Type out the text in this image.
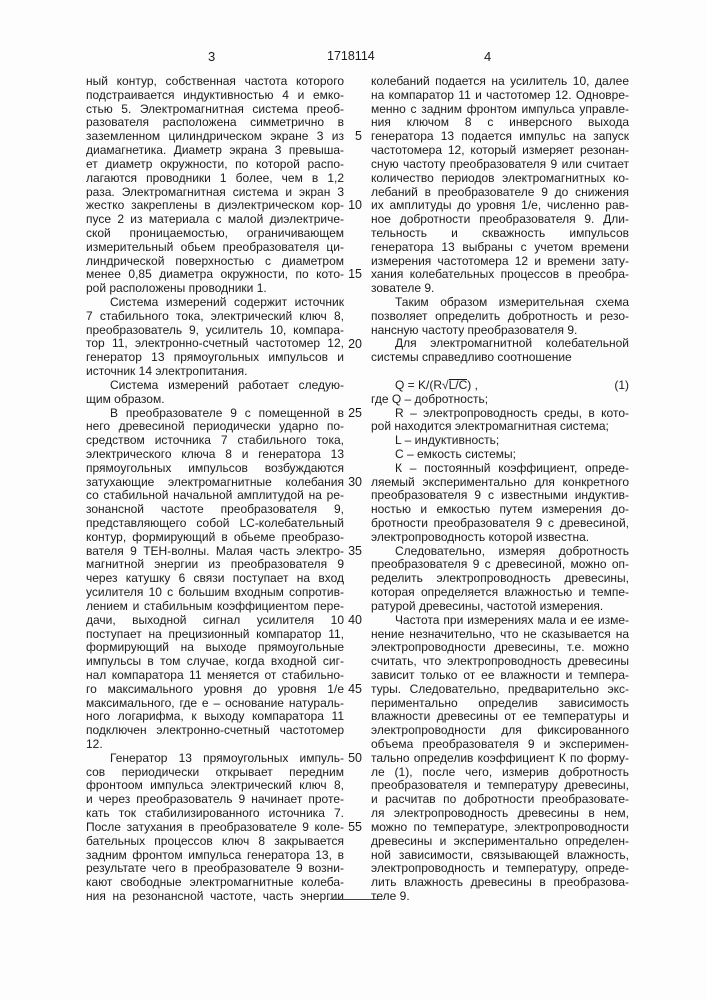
3	1718114	4
ный контур, собственная частота которого
подстраивается индуктивностью 4 и емко-
стью 5. Электромагнитная система преоб-
разователя расположена симметрично в
заземленном цилиндрическом экране 3 из
диамагнетика. Диаметр экрана 3 превыша-
ет диаметр окружности, по которой распо-
лагаются проводники 1 более, чем в 1,2
раза. Электромагнитная система и экран 3
жестко закреплены в диэлектрическом кор-
пусе 2 из материала с малой диэлектриче-
ской проницаемостью, ограничивающем
измерительный обьем преобразователя ци-
линдрической поверхностью с диаметром
менее 0,85 диаметра окружности, по кото-
рой расположены проводники 1.
Система измерений содержит источник
7 стабильного тока, электрический ключ 8,
преобразователь 9, усилитель 10, компара-
тор 11, электронно-счетный частотомер 12,
генератор 13 прямоугольных импульсов и
источник 14 электропитания.
Система измерений работает следую-
щим образом.
В преобразователе 9 с помещенной в
него древесиной периодически ударно по-
средством источника 7 стабильного тока,
электрического ключа 8 и генератора 13
прямоугольных импульсов возбуждаются
затухающие электромагнитные колебания
со стабильной начальной амплитудой на ре-
зонансной частоте преобразователя 9,
представляющего собой LC-колебательный
контур, формирующий в обьеме преобразо-
вателя 9 ТЕН-волны. Малая часть электро-
магнитной энергии из преобразователя 9
через катушку 6 связи поступает на вход
усилителя 10 с большим входным сопротив-
лением и стабильным коэффициентом пере-
дачи, выходной сигнал усилителя 10
поступает на прецизионный компаратор 11,
формирующий на выходе прямоугольные
импульсы в том случае, когда входной сиг-
нал компаратора 11 меняется от стабильно-
го максимального уровня до уровня 1/е
максимального, где е – основание натураль-
ного логарифма, к выходу компаратора 11
подключен электронно-счетный частотомер
12.
Генератор 13 прямоугольных импуль-
сов периодически открывает передним
фронтоом импульса электрический ключ 8,
и через преобразователь 9 начинает проте-
кать ток стабилизированного источника 7.
После затухания в преобразователе 9 коле-
бательных процессов ключ 8 закрывается
задним фронтом импульса генератора 13, в
результате чего в преобразователе 9 возни-
кают свободные электромагнитные колеба-
ния на резонансной частоте, часть энергии
колебаний подается на усилитель 10, далее
на компаратор 11 и частотомер 12. Одновре-
менно с задним фронтом импульса управле-
ния ключом 8 с инверсного выхода
генератора 13 подается импульс на запуск
частотомера 12, который измеряет резонан-
сную частоту преобразователя 9 или считает
количество периодов электромагнитных ко-
лебаний в преобразователе 9 до снижения
их амплитуды до уровня 1/е, численно рав-
ное добротности преобразователя 9. Дли-
тельность и скважность импульсов
генератора 13 выбраны с учетом времени
измерения частотомера 12 и времени зату-
хания колебательных процессов в преобра-
зователе 9.
Таким образом измерительная схема
позволяет определить добротность и резо-
нансную частоту преобразователя 9.
Для электромагнитной колебательной
системы справедливо соотношение
Q = K/(R√L/C) ,	(1)
где Q – добротность;
R – электропроводность среды, в кото-
рой находится электромагнитная система;
L – индуктивность;
С – емкость системы;
К – постоянный коэффициент, опреде-
ляемый экспериментально для конкретного
преобразователя 9 с известными индуктив-
ностью и емкостью путем измерения до-
бротности преобразователя 9 с древесиной,
электропроводность которой известна.
Следовательно, измеряя добротность
преобразователя 9 с древесиной, можно оп-
ределить электропроводность древесины,
которая определяется влажностью и темпе-
ратурой древесины, частотой измерения.
Частота при измерениях мала и ее изме-
нение незначительно, что не сказывается на
электропроводности древесины, т.е. можно
считать, что электропроводность древесины
зависит только от ее влажности и темпера-
туры. Следовательно, предварительно экс-
периментально определив зависимость
влажности древесины от ее температуры и
электропроводности для фиксированного
объема преобразователя 9 и эксперимен-
тально определив коэффициент К по форму-
ле (1), после чего, измерив добротность
преобразователя и температуру древесины,
и расчитав по добротности преобразовате-
ля электропроводность древесины в нем,
можно по температуре, электропроводности
древесины и экспериментально определен-
ной зависимости, связывающей влажность,
электропроводность и температуру, опреде-
лить влажность древесины в преобразова-
теле 9.
5
10
15
20
25
30
35
40
45
50
55
